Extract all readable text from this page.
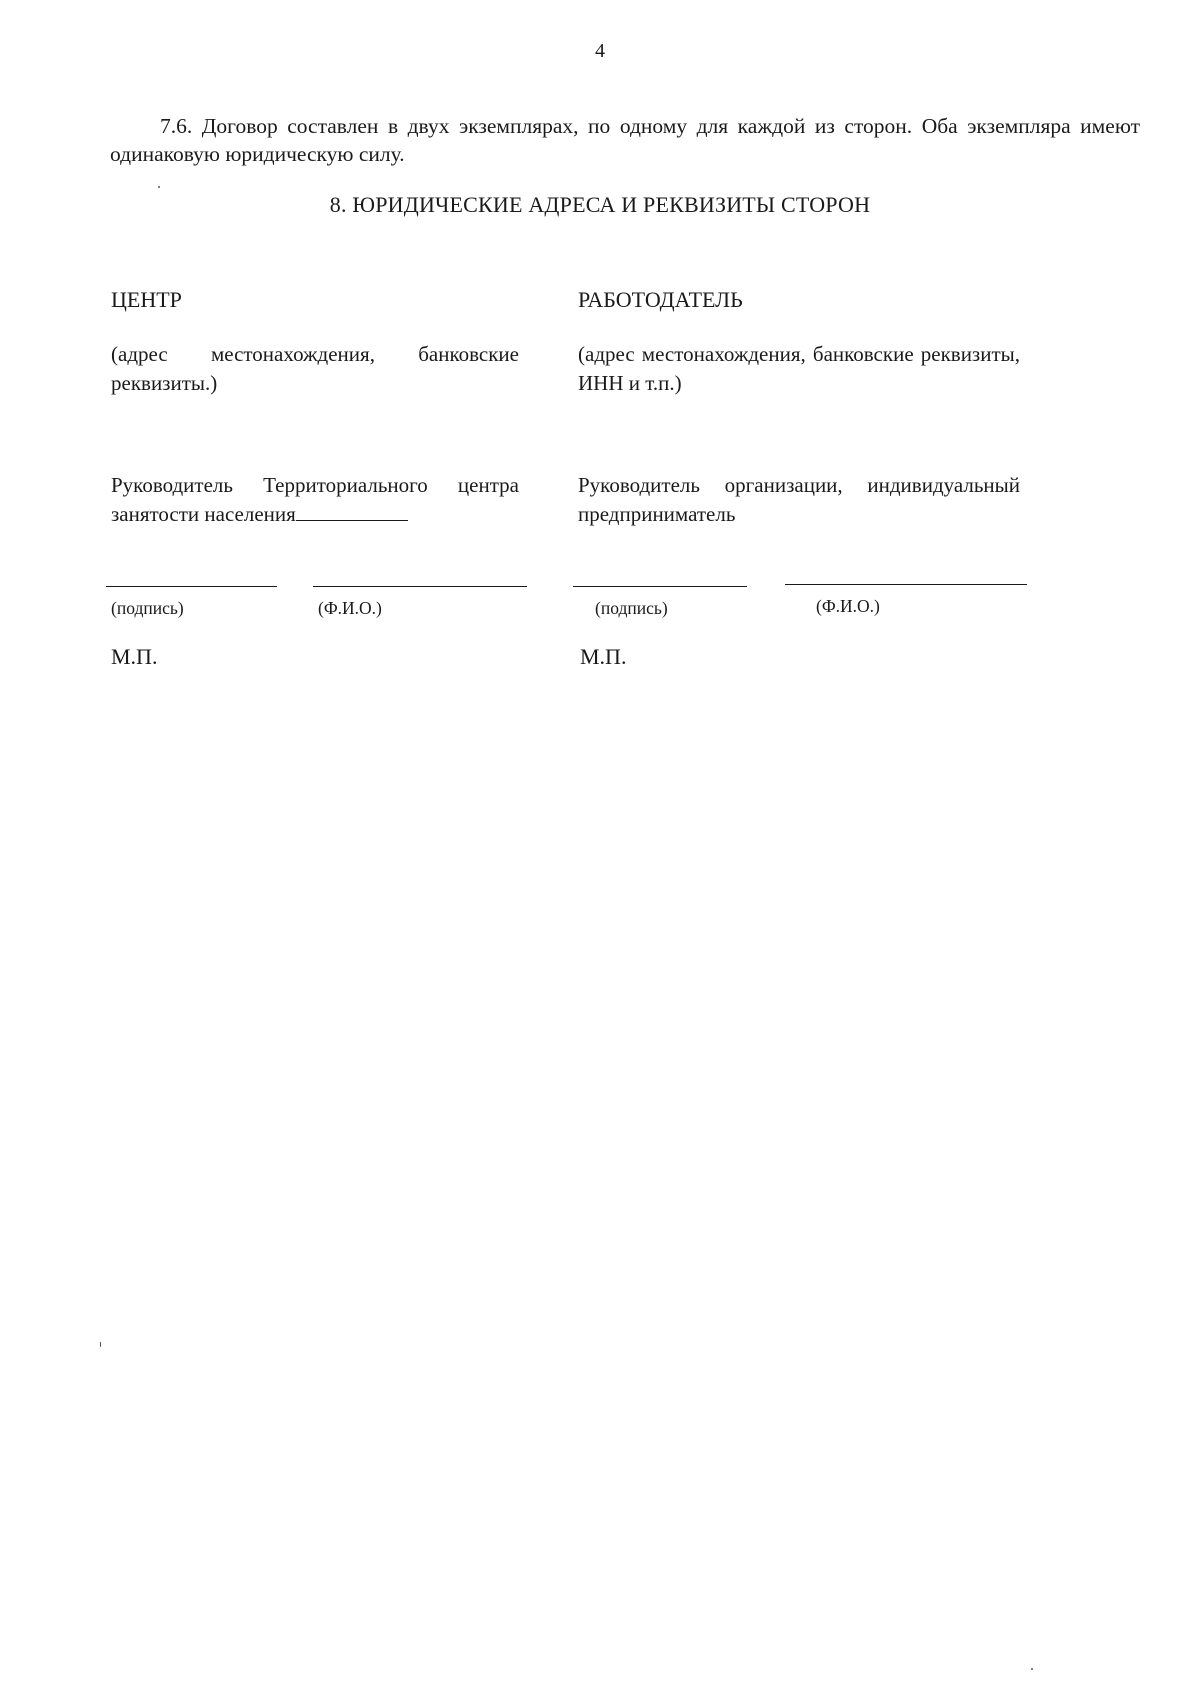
4
7.6. Договор составлен в двух экземплярах, по одному для каждой из сторон. Оба экземпляра имеют одинаковую юридическую силу.
8. ЮРИДИЧЕСКИЕ АДРЕСА И РЕКВИЗИТЫ СТОРОН
ЦЕНТР
(адрес местонахождения, банковские реквизиты.)
Руководитель Территориального центра занятости населения
РАБОТОДАТЕЛЬ
(адрес местонахождения, банковские реквизиты, ИНН и т.п.)
Руководитель организации, индивидуальный предприниматель
(подпись)	(Ф.И.О.)	(подпись)	(Ф.И.О.)
М.П.	М.П.
